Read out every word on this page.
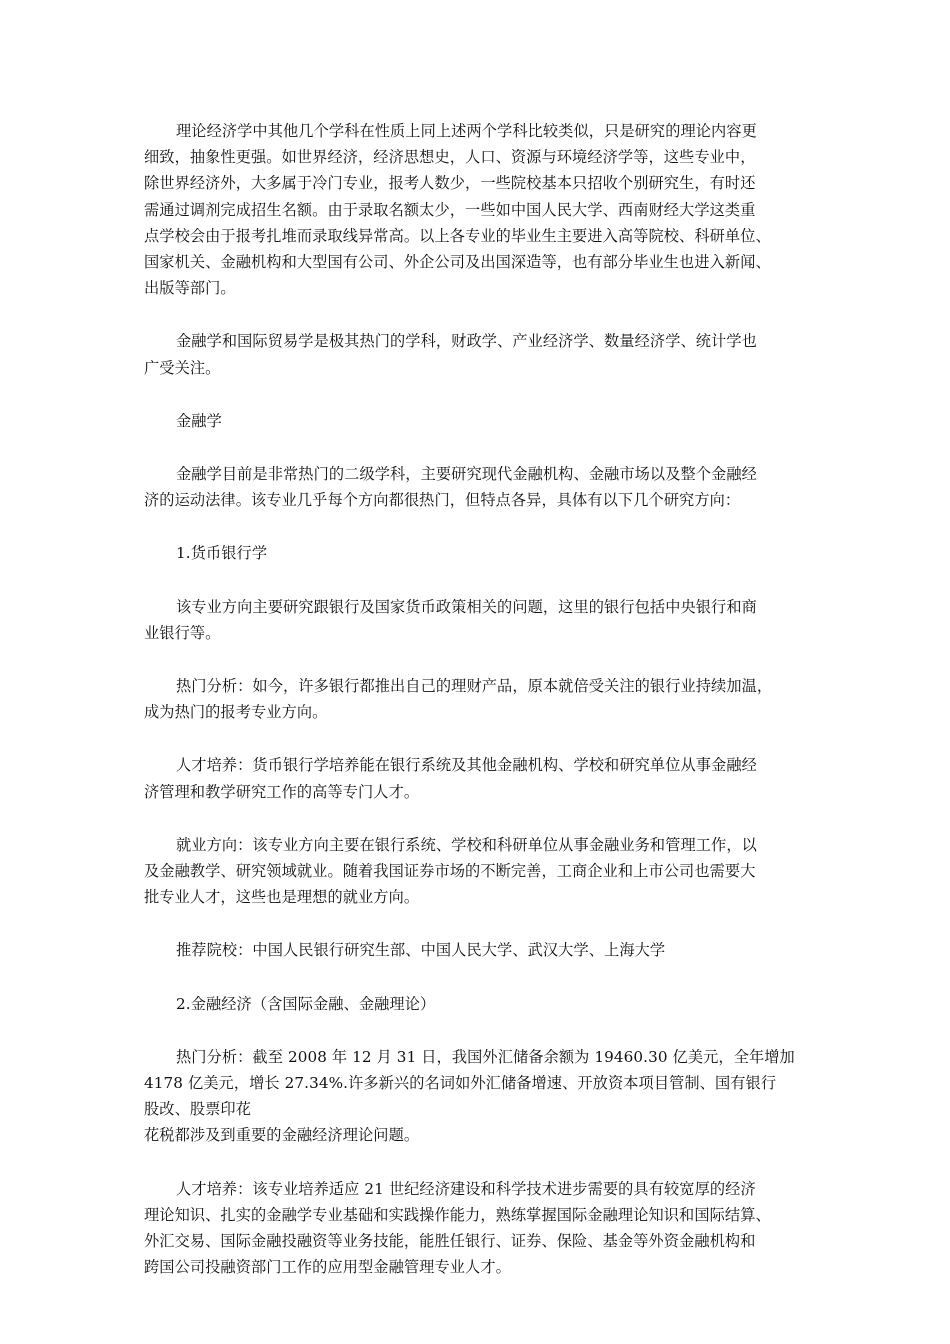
理论经济学中其他几个学科在性质上同上述两个学科比较类似，只是研究的理论内容更
细致，抽象性更强。如世界经济，经济思想史，人口、资源与环境经济学等，这些专业中，
除世界经济外，大多属于冷门专业，报考人数少，一些院校基本只招收个别研究生，有时还
需通过调剂完成招生名额。由于录取名额太少，一些如中国人民大学、西南财经大学这类重
点学校会由于报考扎堆而录取线异常高。以上各专业的毕业生主要进入高等院校、科研单位、
国家机关、金融机构和大型国有公司、外企公司及出国深造等，也有部分毕业生也进入新闻、
出版等部门。

金融学和国际贸易学是极其热门的学科，财政学、产业经济学、数量经济学、统计学也
广受关注。

金融学

金融学目前是非常热门的二级学科，主要研究现代金融机构、金融市场以及整个金融经
济的运动法律。该专业几乎每个方向都很热门，但特点各异，具体有以下几个研究方向：

1.货币银行学

该专业方向主要研究跟银行及国家货币政策相关的问题，这里的银行包括中央银行和商
业银行等。

热门分析：如今，许多银行都推出自己的理财产品，原本就倍受关注的银行业持续加温，
成为热门的报考专业方向。

人才培养：货币银行学培养能在银行系统及其他金融机构、学校和研究单位从事金融经
济管理和教学研究工作的高等专门人才。

就业方向：该专业方向主要在银行系统、学校和科研单位从事金融业务和管理工作，以
及金融教学、研究领域就业。随着我国证券市场的不断完善，工商企业和上市公司也需要大
批专业人才，这些也是理想的就业方向。

推荐院校：中国人民银行研究生部、中国人民大学、武汉大学、上海大学

2.金融经济（含国际金融、金融理论）

热门分析：截至 2008 年 12 月 31 日，我国外汇储备余额为 19460.30 亿美元，全年增加
4178 亿美元，增长 27.34%.许多新兴的名词如外汇储备增速、开放资本项目管制、国有银行
股改、股票印花
花税都涉及到重要的金融经济理论问题。

人才培养：该专业培养适应 21 世纪经济建设和科学技术进步需要的具有较宽厚的经济
理论知识、扎实的金融学专业基础和实践操作能力，熟练掌握国际金融理论知识和国际结算、
外汇交易、国际金融投融资等业务技能，能胜任银行、证券、保险、基金等外资金融机构和
跨国公司投融资部门工作的应用型金融管理专业人才。
